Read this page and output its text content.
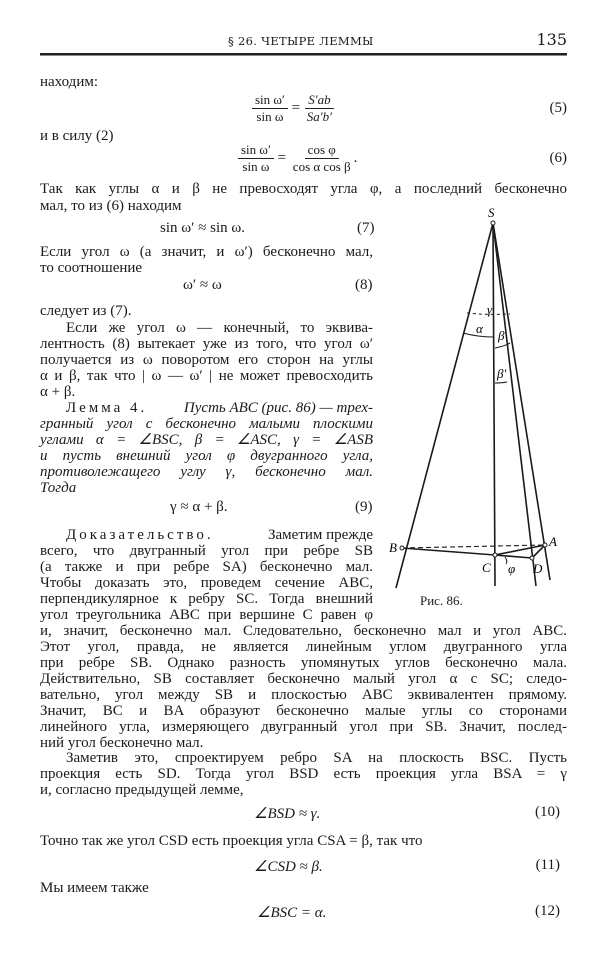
§ 26. ЧЕТЫРЕ ЛЕММЫ	135
находим:
$\frac{\text{sin ω′}}{\text{sin ω}} = \frac{S'ab}{Sa'b'}$	(5)
и в силу (2)
$\frac{\text{sin ω′}}{\text{sin ω}} = \frac{\text{cos φ}}{\text{cos α cos β}}$ .	(6)
Так как углы α и β не превосходят угла φ, а последний бесконечно
мал, то из (6) находим
sin ω′ ≈ sin ω.	(7)
Если угол ω (а значит, и ω′) бесконечно мал,
то соотношение
ω′ ≈ ω	(8)
следует из (7).
Если же угол ω — конечный, то эквива-
лентность (8) вытекает уже из того, что угол ω′
получается из ω поворотом его сторон на углы
α и β, так что | ω — ω′ | не может превосходить
α + β.
Лемма 4. Пусть ABC (рис. 86) — трех-
гранный угол с бесконечно малыми плоскими
углами α = ∠BSC, β = ∠ASC, γ = ∠ASB
и пусть внешний угол φ двугранного угла,
противолежащего углу γ, бесконечно мал.
Тогда
γ ≈ α + β.	(9)
Доказательство.	Заметим прежде
всего, что двугранный угол при ребре SB
(а также и при ребре SA) бесконечно мал.
Чтобы доказать это, проведем сечение ABC,
перпендикулярное к ребру SC. Тогда внешний
угол треугольника ABC при вершине C равен φ
и, значит, бесконечно мал. Следовательно, бесконечно мал и угол ABC.
Этот угол, правда, не является линейным углом двугранного угла
при ребре SB. Однако разность упомянутых углов бесконечно мала.
Действительно, SB составляет бесконечно малый угол α с SC; следо-
вательно, угол между SB и плоскостью ABC эквивалентен прямому.
Значит, BC и BA образуют бесконечно малые углы со сторонами
линейного угла, измеряющего двугранный угол при SB. Значит, послед-
ний угол бесконечно мал.
Заметив это, спроектируем ребро SA на плоскость BSC. Пусть
проекция есть SD. Тогда угол BSD есть проекция угла BSA = γ
и, согласно предыдущей лемме,
∠BSD ≈ γ.	(10)
Точно так же угол CSD есть проекция угла CSA = β, так что
∠CSD ≈ β.	(11)
Мы имеем также
∠BSC = α.	(12)
S
A
B
C	D
α β
β′
γ
φ
Рис. 86.
